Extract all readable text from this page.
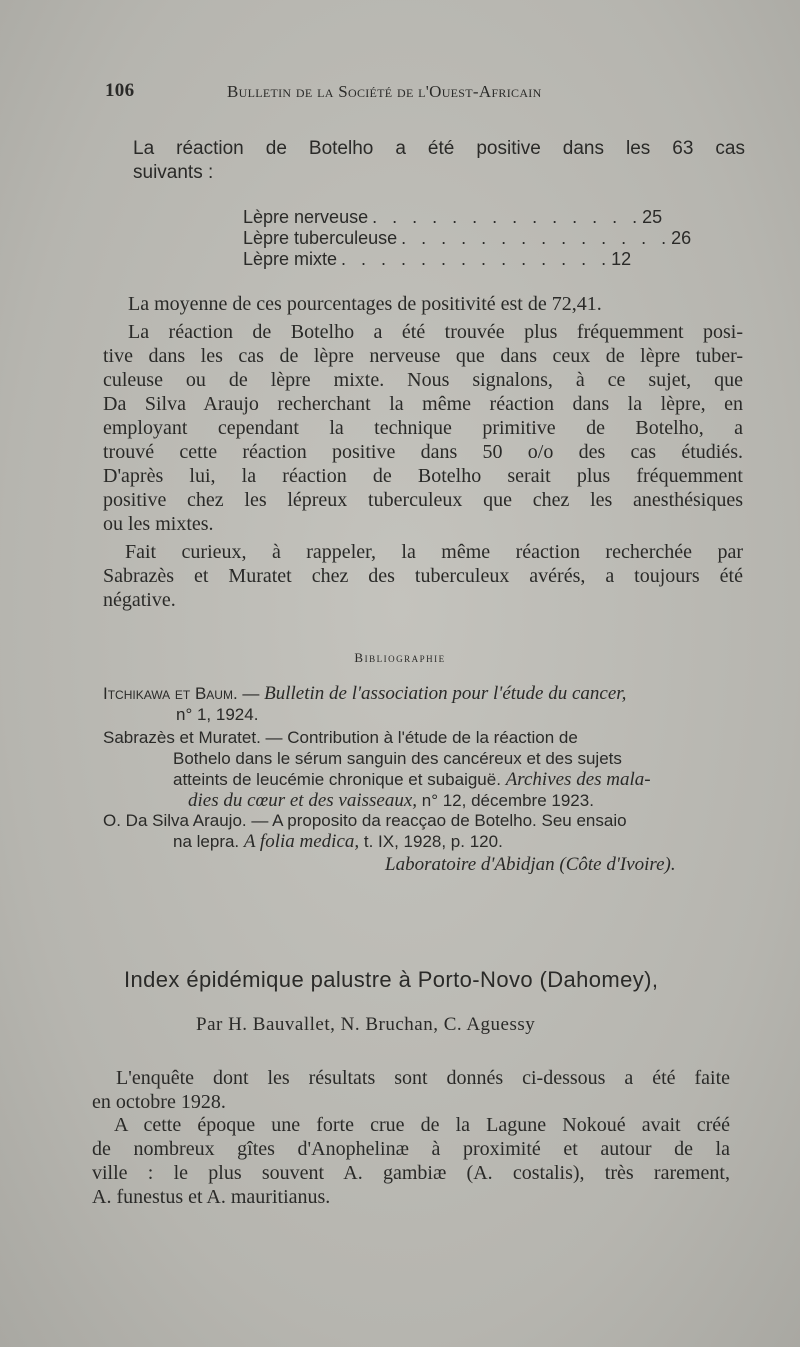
106	Bulletin de la Société de l'Ouest-Africain
La réaction de Botelho a été positive dans les 63 cas
suivants :
Lèpre nerveuse . . . . . . . . . . . . . . 25
Lèpre tuberculeuse . . . . . . . . . . . . . . 26
Lèpre mixte . . . . . . . . . . . . . . 12
La moyenne de ces pourcentages de positivité est de 72,41.
La réaction de Botelho a été trouvée plus fréquemment posi-
tive dans les cas de lèpre nerveuse que dans ceux de lèpre tuber-
culeuse ou de lèpre mixte. Nous signalons, à ce sujet, que
Da Silva Araujo recherchant la même réaction dans la lèpre, en
employant cependant la technique primitive de Botelho, a
trouvé cette réaction positive dans 50 o/o des cas étudiés.
D'après lui, la réaction de Botelho serait plus fréquemment
positive chez les lépreux tuberculeux que chez les anesthésiques
ou les mixtes.
Fait curieux, à rappeler, la même réaction recherchée par
Sabrazès et Muratet chez des tuberculeux avérés, a toujours été
négative.
Bibliographie
Itchikawa et Baum. — Bulletin de l'association pour l'étude du cancer,
n° 1, 1924.
Sabrazès et Muratet. — Contribution à l'étude de la réaction de
Bothelo dans le sérum sanguin des cancéreux et des sujets
atteints de leucémie chronique et subaiguë. Archives des mala-
dies du cœur et des vaisseaux, n° 12, décembre 1923.
O. Da Silva Araujo. — A proposito da reacçao de Botelho. Seu ensaio
na lepra. A folia medica, t. IX, 1928, p. 120.
Laboratoire d'Abidjan (Côte d'Ivoire).
Index épidémique palustre à Porto-Novo (Dahomey),
Par H. Bauvallet, N. Bruchan, C. Aguessy
L'enquête dont les résultats sont donnés ci-dessous a été faite
en octobre 1928.
A cette époque une forte crue de la Lagune Nokoué avait créé
de nombreux gîtes d'Anophelinæ à proximité et autour de la
ville : le plus souvent A. gambiæ (A. costalis), très rarement,
A. funestus et A. mauritianus.
